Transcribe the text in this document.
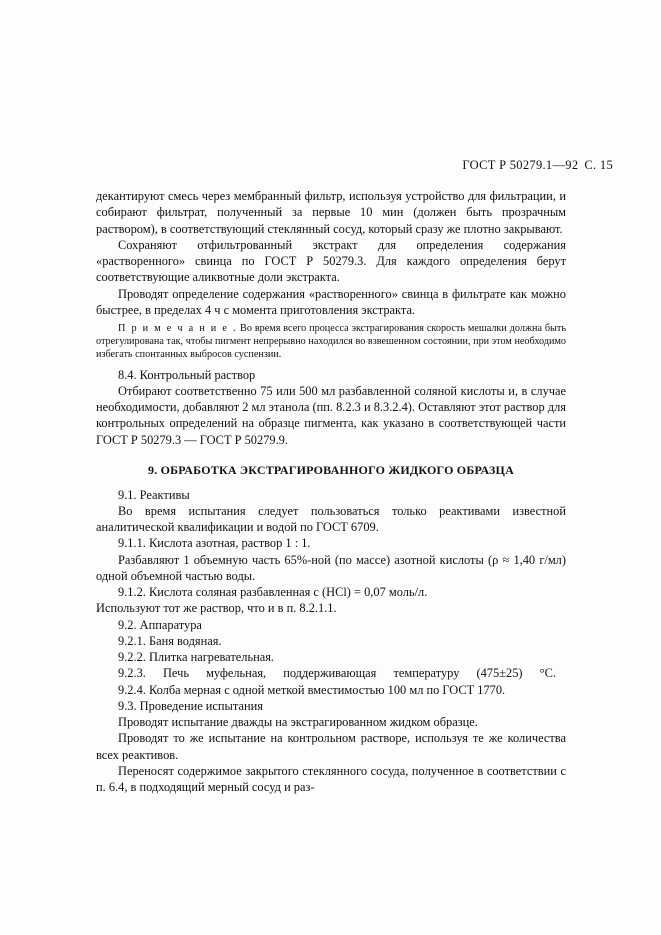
ГОСТ Р 50279.1—92 С. 15

декантируют смесь через мембранный фильтр, используя устройство для фильтрации, и собирают фильтрат, полученный за первые 10 мин (должен быть прозрачным раствором), в соответствующий стеклянный сосуд, который сразу же плотно закрывают.

Сохраняют отфильтрованный экстракт для определения содержания «растворенного» свинца по ГОСТ Р 50279.3. Для каждого определения берут соответствующие аликвотные доли экстракта.

Проводят определение содержания «растворенного» свинца в фильтрате как можно быстрее, в пределах 4 ч с момента приготовления экстракта.

П р и м е ч а н и е . Во время всего процесса экстрагирования скорость мешалки должна быть отрегулирована так, чтобы пигмент непрерывно находился во взвешенном состоянии, при этом необходимо избегать спонтанных выбросов суспензии.

8.4. Контрольный раствор

Отбирают соответственно 75 или 500 мл разбавленной соляной кислоты и, в случае необходимости, добавляют 2 мл этанола (пп. 8.2.3 и 8.3.2.4). Оставляют этот раствор для контрольных определений на образце пигмента, как указано в соответствующей части ГОСТ Р 50279.3 — ГОСТ Р 50279.9.

9. ОБРАБОТКА ЭКСТРАГИРОВАННОГО ЖИДКОГО ОБРАЗЦА

9.1. Реактивы

Во время испытания следует пользоваться только реактивами известной аналитической квалификации и водой по ГОСТ 6709.

9.1.1. Кислота азотная, раствор 1 : 1.

Разбавляют 1 объемную часть 65%-ной (по массе) азотной кислоты (ρ ≈ 1,40 г/мл) одной объемной частью воды.

9.1.2. Кислота соляная разбавленная с (НСl) = 0,07 моль/л.

Используют тот же раствор, что и в п. 8.2.1.1.

9.2. Аппаратура

9.2.1. Баня водяная.

9.2.2. Плитка нагревательная.

9.2.3. Печь муфельная, поддерживающая температуру (475±25) °С.

9.2.4. Колба мерная с одной меткой вместимостью 100 мл по ГОСТ 1770.

9.3. Проведение испытания

Проводят испытание дважды на экстрагированном жидком образце.

Проводят то же испытание на контрольном растворе, используя те же количества всех реактивов.

Переносят содержимое закрытого стеклянного сосуда, полученное в соответствии с п. 6.4, в подходящий мерный сосуд и раз-
